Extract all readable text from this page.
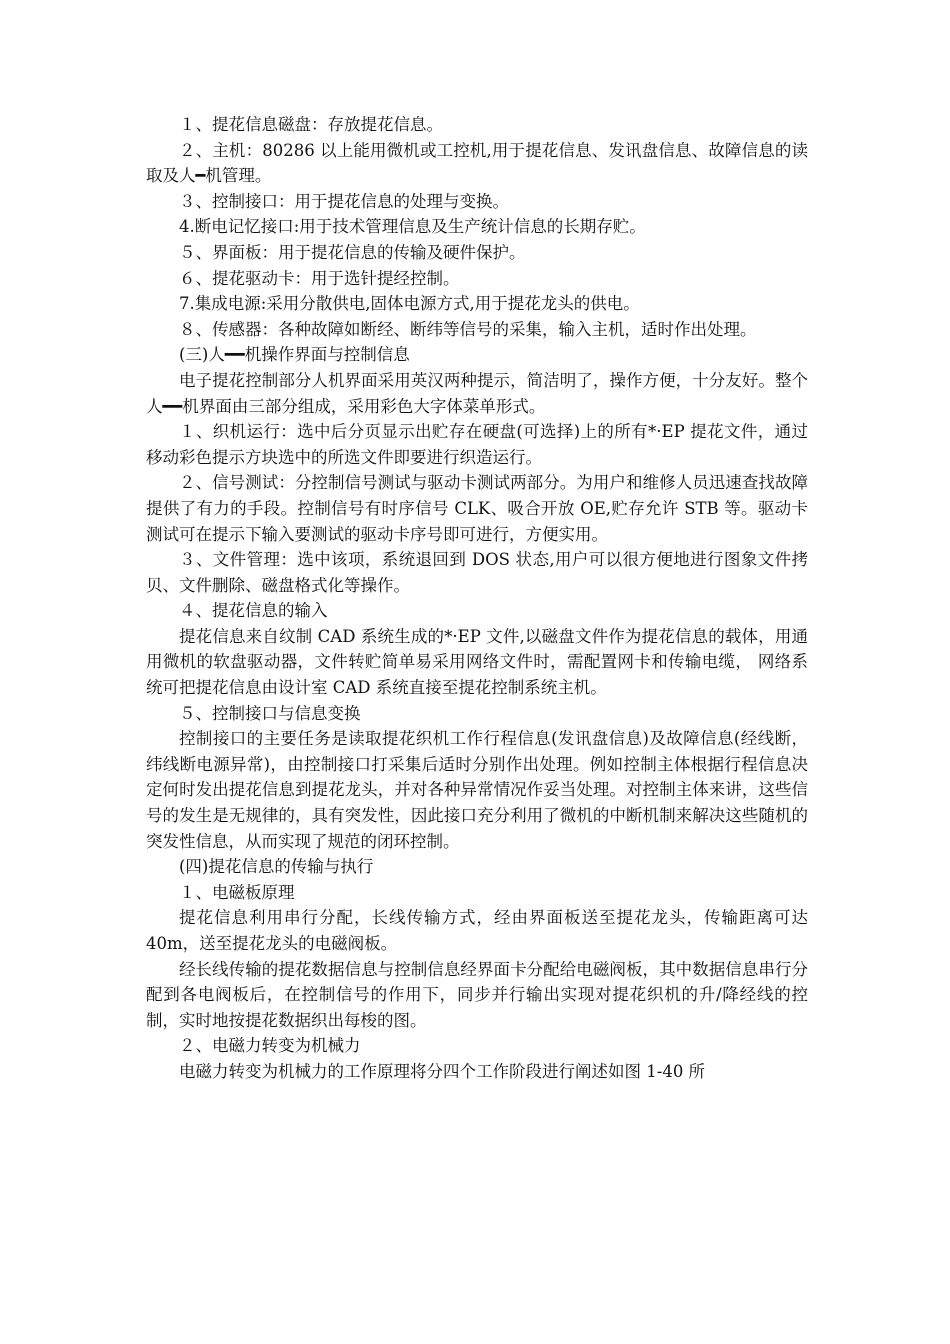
１、提花信息磁盘：存放提花信息。

２、主机：80286 以上能用微机或工控机,用于提花信息、发讯盘信息、故障信息的读取及人━机管理。

３、控制接口：用于提花信息的处理与变换。

4.断电记忆接口:用于技术管理信息及生产统计信息的长期存贮。

５、界面板：用于提花信息的传输及硬件保护。

６、提花驱动卡：用于选针提经控制。

7.集成电源:采用分散供电,固体电源方式,用于提花龙头的供电。

８、传感器：各种故障如断经、断纬等信号的采集，输入主机，适时作出处理。

(三)人━━机操作界面与控制信息

电子提花控制部分人机界面采用英汉两种提示，简洁明了，操作方便，十分友好。整个人━━机界面由三部分组成，采用彩色大字体菜单形式。

１、织机运行：选中后分页显示出贮存在硬盘(可选择)上的所有*·EP 提花文件，通过移动彩色提示方块选中的所选文件即要进行织造运行。

２、信号测试：分控制信号测试与驱动卡测试两部分。为用户和维修人员迅速查找故障提供了有力的手段。控制信号有时序信号 CLK、吸合开放 OE,贮存允许 STB 等。驱动卡测试可在提示下输入要测试的驱动卡序号即可进行，方便实用。

３、文件管理：选中该项，系统退回到 DOS 状态,用户可以很方便地进行图象文件拷贝、文件删除、磁盘格式化等操作。

４、提花信息的输入

提花信息来自纹制 CAD 系统生成的*·EP 文件,以磁盘文件作为提花信息的载体，用通用微机的软盘驱动器，文件转贮简单易采用网络文件时，需配置网卡和传输电缆， 网络系统可把提花信息由设计室 CAD 系统直接至提花控制系统主机。

５、控制接口与信息变换

控制接口的主要任务是读取提花织机工作行程信息(发讯盘信息)及故障信息(经线断，纬线断电源异常)，由控制接口打采集后适时分别作出处理。例如控制主体根据行程信息决定何时发出提花信息到提花龙头，并对各种异常情况作妥当处理。对控制主体来讲，这些信号的发生是无规律的，具有突发性，因此接口充分利用了微机的中断机制来解决这些随机的突发性信息，从而实现了规范的闭环控制。

(四)提花信息的传输与执行

１、电磁板原理

提花信息利用串行分配，长线传输方式，经由界面板送至提花龙头，传输距离可达 40m，送至提花龙头的电磁阀板。

经长线传输的提花数据信息与控制信息经界面卡分配给电磁阀板，其中数据信息串行分配到各电阀板后，在控制信号的作用下，同步并行输出实现对提花织机的升/降经线的控制，实时地按提花数据织出每梭的图。

２、电磁力转变为机械力

电磁力转变为机械力的工作原理将分四个工作阶段进行阐述如图 1-40 所
